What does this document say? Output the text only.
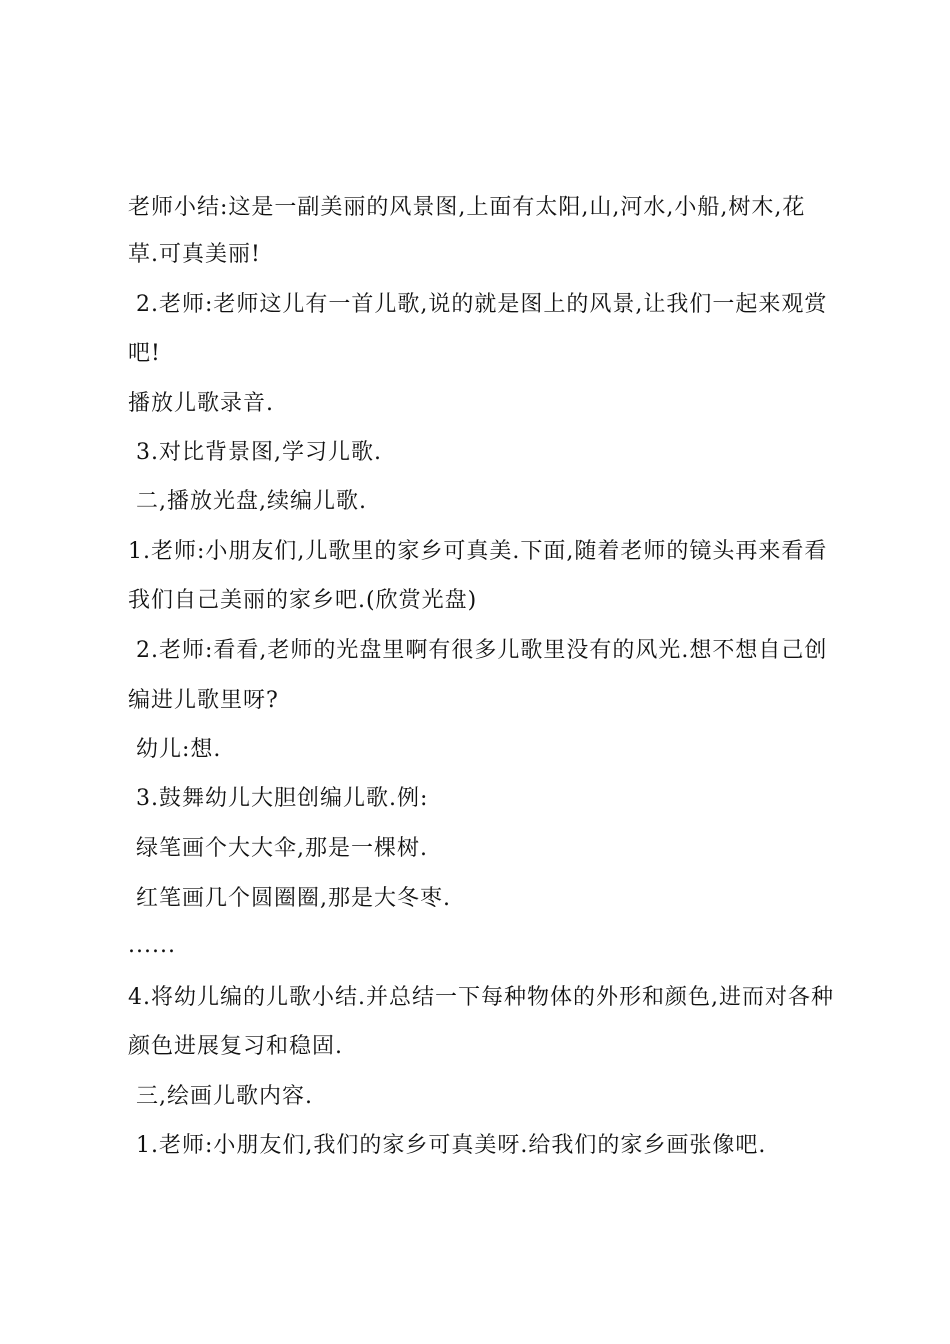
老师小结:这是一副美丽的风景图,上面有太阳,山,河水,小船,树木,花
草.可真美丽!
2.老师:老师这儿有一首儿歌,说的就是图上的风景,让我们一起来观赏
吧!
播放儿歌录音.
3.对比背景图,学习儿歌.
二,播放光盘,续编儿歌.
1.老师:小朋友们,儿歌里的家乡可真美.下面,随着老师的镜头再来看看
我们自己美丽的家乡吧.(欣赏光盘)
2.老师:看看,老师的光盘里啊有很多儿歌里没有的风光.想不想自己创
编进儿歌里呀?
幼儿:想.
3.鼓舞幼儿大胆创编儿歌.例:
绿笔画个大大伞,那是一棵树.
红笔画几个圆圈圈,那是大冬枣.
......
4.将幼儿编的儿歌小结.并总结一下每种物体的外形和颜色,进而对各种
颜色进展复习和稳固.
三,绘画儿歌内容.
1.老师:小朋友们,我们的家乡可真美呀.给我们的家乡画张像吧.
